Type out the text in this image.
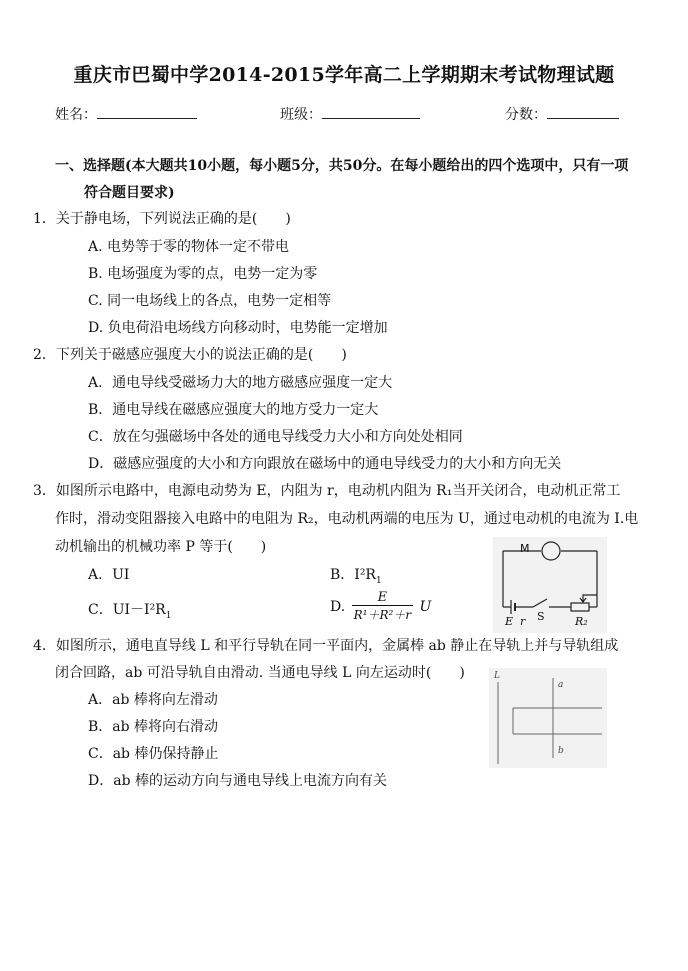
重庆市巴蜀中学2014-2015学年高二上学期期末考试物理试题
姓名：	班级：	分数：
一、选择题(本大题共10小题，每小题5分，共50分。在每小题给出的四个选项中，只有一项
符合题目要求)
1．关于静电场，下列说法正确的是(　　)
A. 电势等于零的物体一定不带电
B. 电场强度为零的点，电势一定为零
C. 同一电场线上的各点，电势一定相等
D. 负电荷沿电场线方向移动时，电势能一定增加
2．下列关于磁感应强度大小的说法正确的是(　　)
A．通电导线受磁场力大的地方磁感应强度一定大
B．通电导线在磁感应强度大的地方受力一定大
C．放在匀强磁场中各处的通电导线受力大小和方向处处相同
D．磁感应强度的大小和方向跟放在磁场中的通电导线受力的大小和方向无关
3．如图所示电路中，电源电动势为 E，内阻为 r，电动机内阻为 R₁当开关闭合，电动机正常工
作时，滑动变阻器接入电路中的电阻为 R₂，电动机两端的电压为 U，通过电动机的电流为 I.电
动机输出的机械功率 P 等于(　　)
A．UI	B．$I^2R_1$
C．$UI-I^2R_1$
D. $\frac{E}{\text{R¹＋R²＋r}}$ U
M
E r S	R₂
4．如图所示，通电直导线 L 和平行导轨在同一平面内，金属棒 ab 静止在导轨上并与导轨组成
闭合回路，ab 可沿导轨自由滑动. 当通电导线 L 向左运动时(　　)
A．ab 棒将向左滑动
B．ab 棒将向右滑动
C．ab 棒仍保持静止
D．ab 棒的运动方向与通电导线上电流方向有关
L
a
b
